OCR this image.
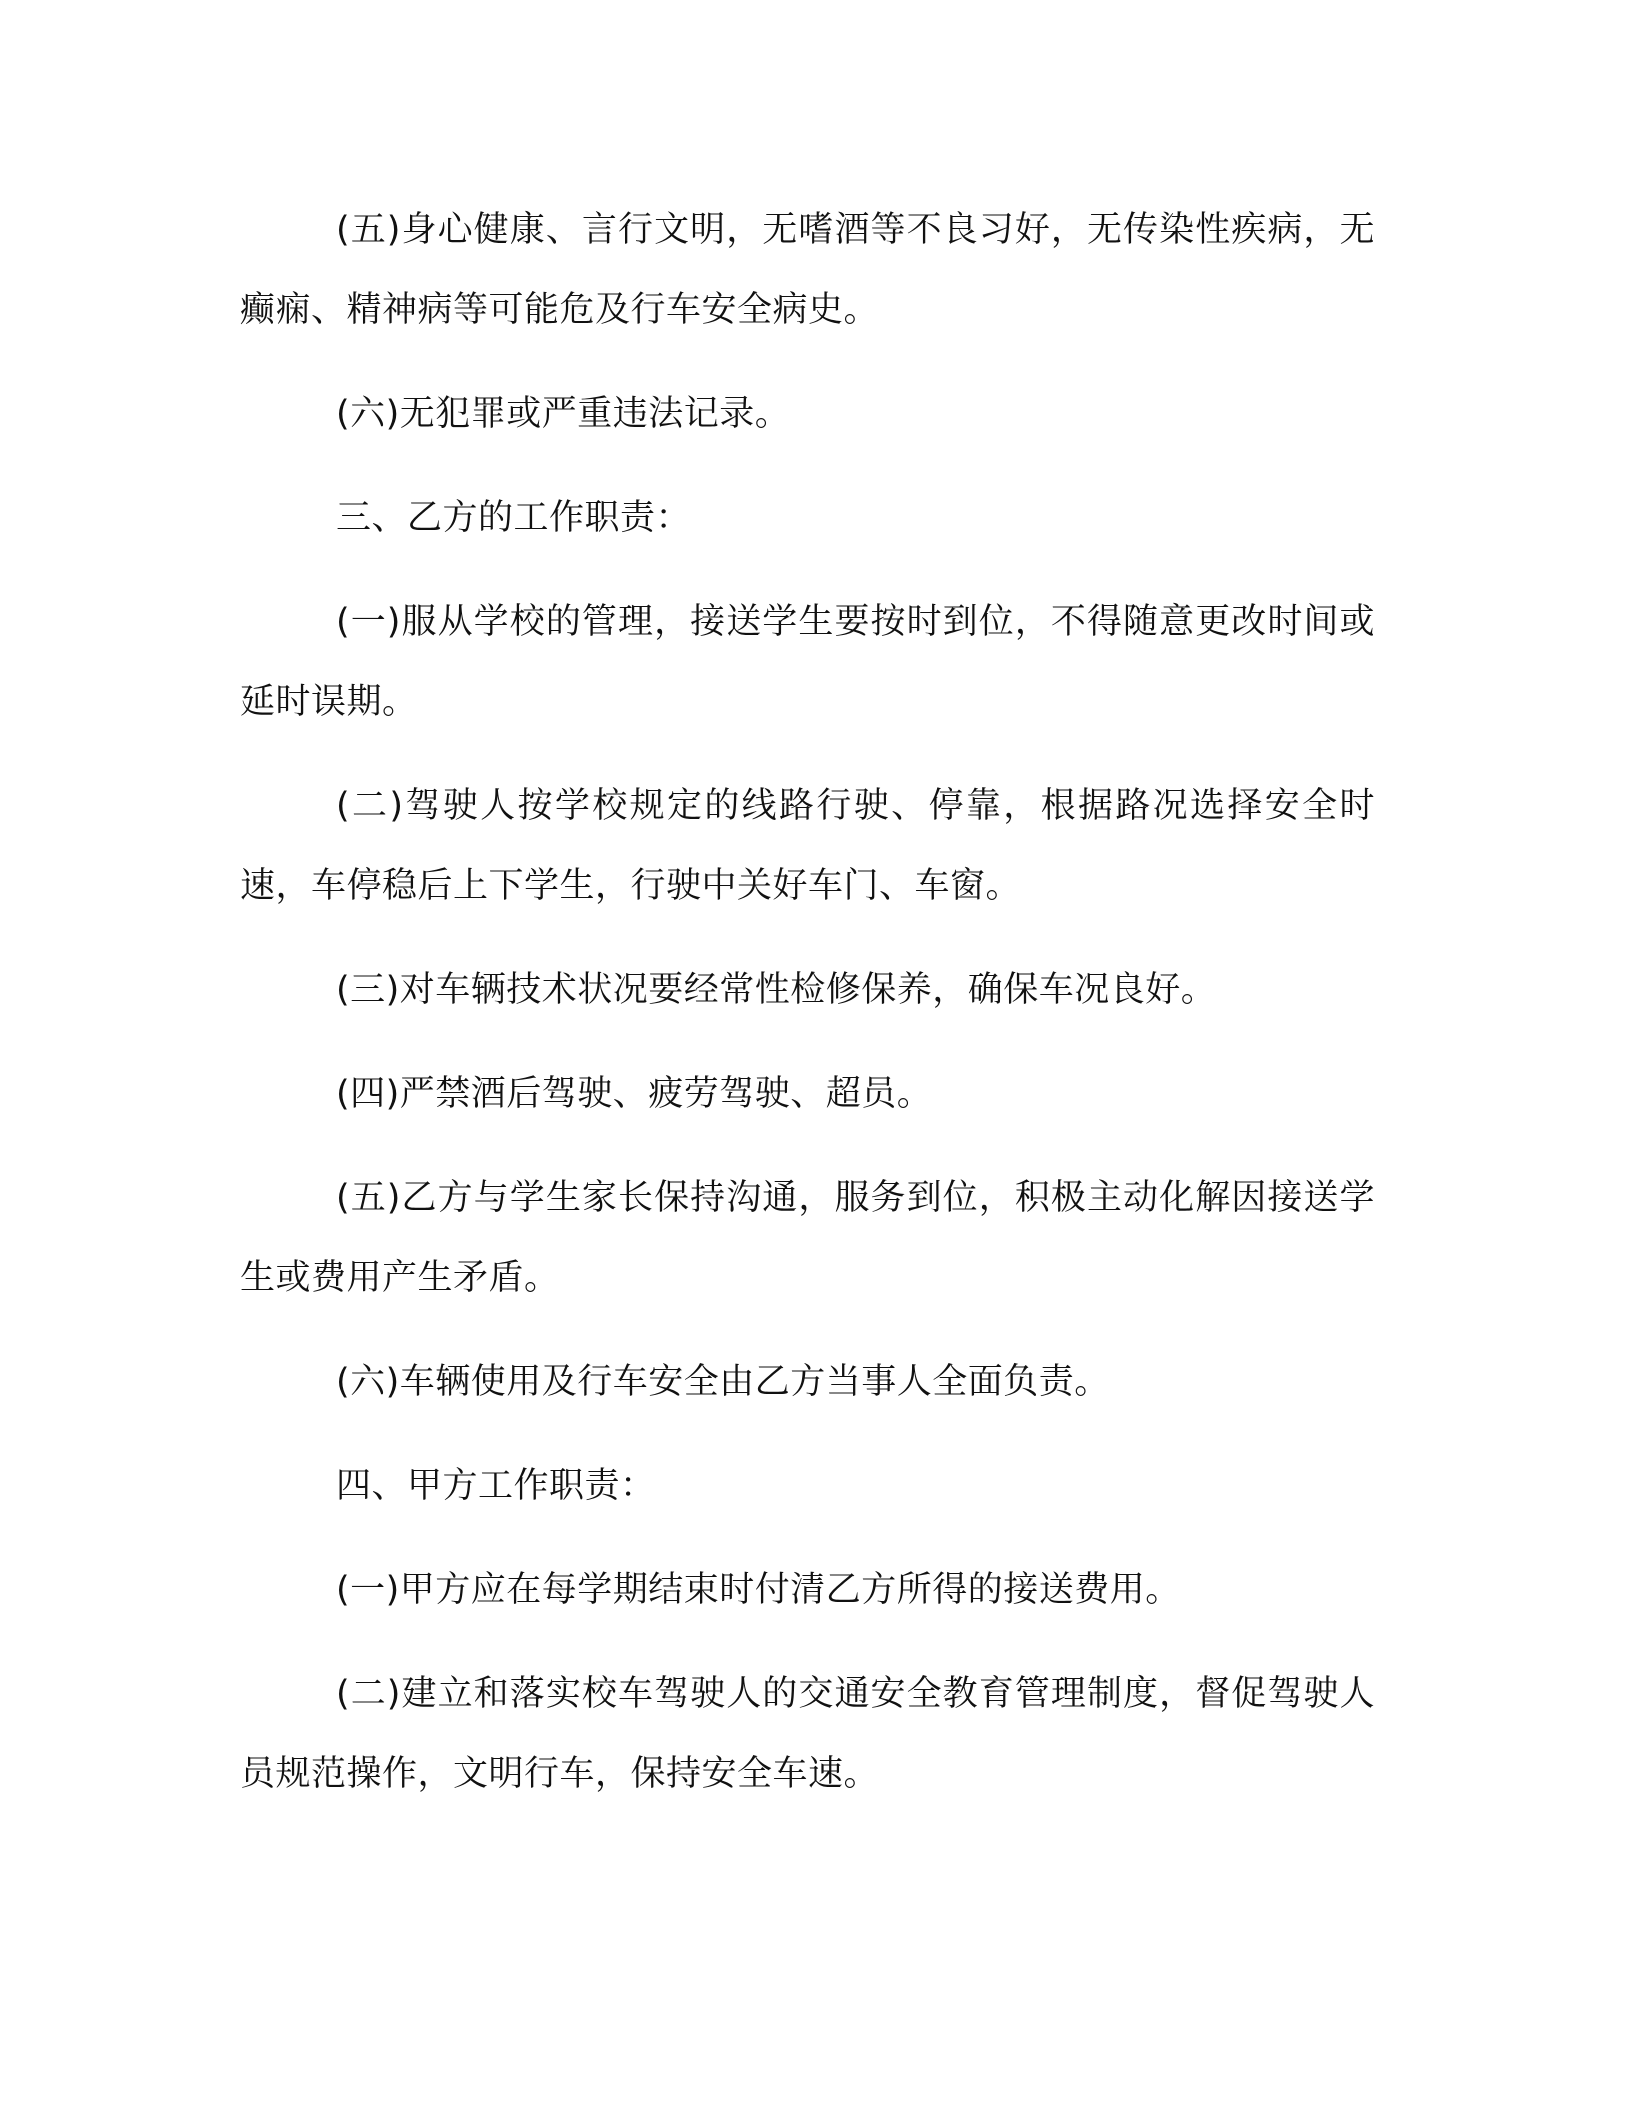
(五)身心健康、言行文明，无嗜酒等不良习好，无传染性疾病，无癫痫、精神病等可能危及行车安全病史。

(六)无犯罪或严重违法记录。

三、乙方的工作职责：

(一)服从学校的管理，接送学生要按时到位，不得随意更改时间或延时误期。

(二)驾驶人按学校规定的线路行驶、停靠，根据路况选择安全时速，车停稳后上下学生，行驶中关好车门、车窗。

(三)对车辆技术状况要经常性检修保养，确保车况良好。

(四)严禁酒后驾驶、疲劳驾驶、超员。

(五)乙方与学生家长保持沟通，服务到位，积极主动化解因接送学生或费用产生矛盾。

(六)车辆使用及行车安全由乙方当事人全面负责。

四、甲方工作职责：

(一)甲方应在每学期结束时付清乙方所得的接送费用。

(二)建立和落实校车驾驶人的交通安全教育管理制度，督促驾驶人员规范操作，文明行车，保持安全车速。
